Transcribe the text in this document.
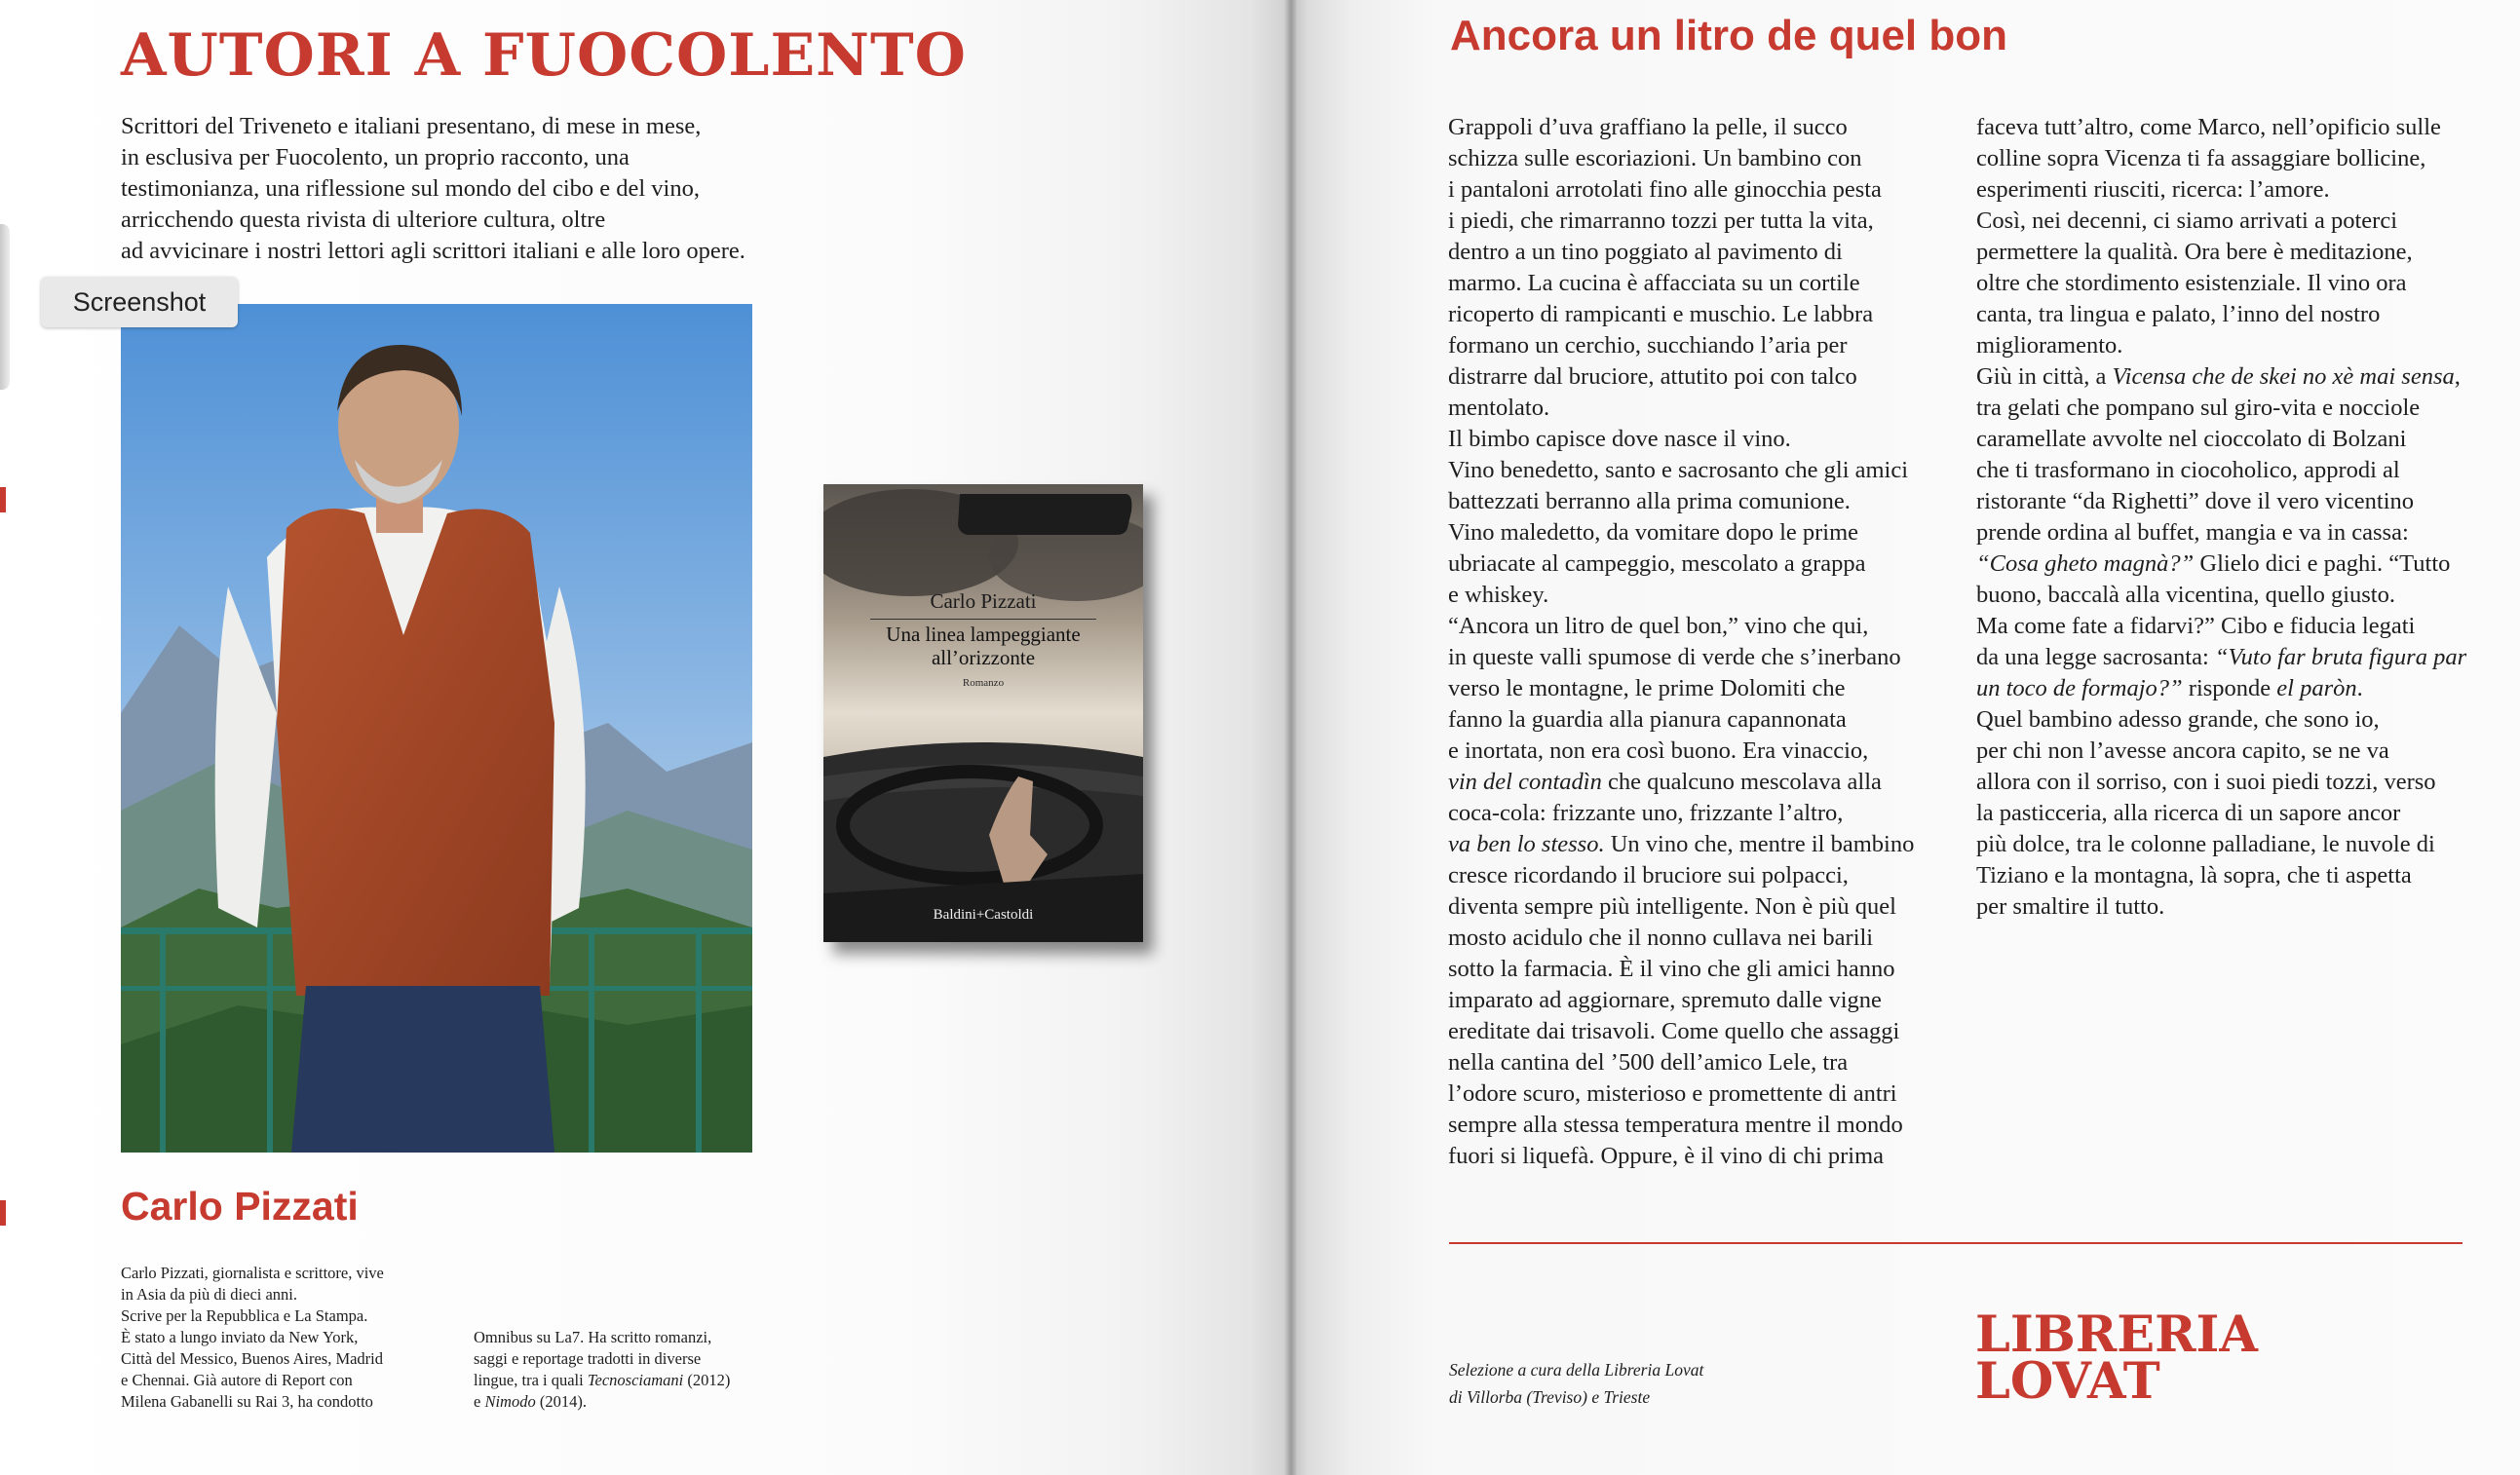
AUTORI A FUOCOLENTO

Scrittori del Triveneto e italiani presentano, di mese in mese,
in esclusiva per Fuocolento, un proprio racconto, una
testimonianza, una riflessione sul mondo del cibo e del vino,
arricchendo questa rivista di ulteriore cultura, oltre
ad avvicinare i nostri lettori agli scrittori italiani e alle loro opere.

Carlo Pizzati
Una linea lampeggiante
all’orizzonte
Romanzo
Baldini+Castoldi
Carlo Pizzati

Carlo Pizzati, giornalista e scrittore, vive
in Asia da più di dieci anni.
Scrive per la Repubblica e La Stampa.
È stato a lungo inviato da New York,
Città del Messico, Buenos Aires, Madrid
e Chennai. Già autore di Report con
Milena Gabanelli su Rai 3, ha condotto

Omnibus su La7. Ha scritto romanzi,
saggi e reportage tradotti in diverse
lingue, tra i quali Tecnosciamani (2012)
e Nimodo (2014).

Screenshot
Ancora un litro de quel bon

Grappoli d’uva graffiano la pelle, il succo
schizza sulle escoriazioni. Un bambino con
i pantaloni arrotolati fino alle ginocchia pesta
i piedi, che rimarranno tozzi per tutta la vita,
dentro a un tino poggiato al pavimento di
marmo. La cucina è affacciata su un cortile
ricoperto di rampicanti e muschio. Le labbra
formano un cerchio, succhiando l’aria per
distrarre dal bruciore, attutito poi con talco
mentolato.
Il bimbo capisce dove nasce il vino.
Vino benedetto, santo e sacrosanto che gli amici
battezzati berranno alla prima comunione.
Vino maledetto, da vomitare dopo le prime
ubriacate al campeggio, mescolato a grappa
e whiskey.
“Ancora un litro de quel bon,” vino che qui,
in queste valli spumose di verde che s’inerbano
verso le montagne, le prime Dolomiti che
fanno la guardia alla pianura capannonata
e inortata, non era così buono. Era vinaccio,
vin del contadìn che qualcuno mescolava alla
coca-cola: frizzante uno, frizzante l’altro,
va ben lo stesso. Un vino che, mentre il bambino
cresce ricordando il bruciore sui polpacci,
diventa sempre più intelligente. Non è più quel
mosto acidulo che il nonno cullava nei barili
sotto la farmacia. È il vino che gli amici hanno
imparato ad aggiornare, spremuto dalle vigne
ereditate dai trisavoli. Come quello che assaggi
nella cantina del ’500 dell’amico Lele, tra
l’odore scuro, misterioso e promettente di antri
sempre alla stessa temperatura mentre il mondo
fuori si liquefà. Oppure, è il vino di chi prima

faceva tutt’altro, come Marco, nell’opificio sulle
colline sopra Vicenza ti fa assaggiare bollicine,
esperimenti riusciti, ricerca: l’amore.
Così, nei decenni, ci siamo arrivati a poterci
permettere la qualità. Ora bere è meditazione,
oltre che stordimento esistenziale. Il vino ora
canta, tra lingua e palato, l’inno del nostro
miglioramento.
Giù in città, a Vicensa che de skei no xè mai sensa,
tra gelati che pompano sul giro-vita e nocciole
caramellate avvolte nel cioccolato di Bolzani
che ti trasformano in ciocoholico, approdi al
ristorante “da Righetti” dove il vero vicentino
prende ordina al buffet, mangia e va in cassa:
“Cosa gheto magnà?” Glielo dici e paghi. “Tutto
buono, baccalà alla vicentina, quello giusto.
Ma come fate a fidarvi?” Cibo e fiducia legati
da una legge sacrosanta: “Vuto far bruta figura par
un toco de formajo?” risponde el paròn.
Quel bambino adesso grande, che sono io,
per chi non l’avesse ancora capito, se ne va
allora con il sorriso, con i suoi piedi tozzi, verso
la pasticceria, alla ricerca di un sapore ancor
più dolce, tra le colonne palladiane, le nuvole di
Tiziano e la montagna, là sopra, che ti aspetta
per smaltire il tutto.

Selezione a cura della Libreria Lovat
di Villorba (Treviso) e Trieste

LIBRERIA
LOVAT
